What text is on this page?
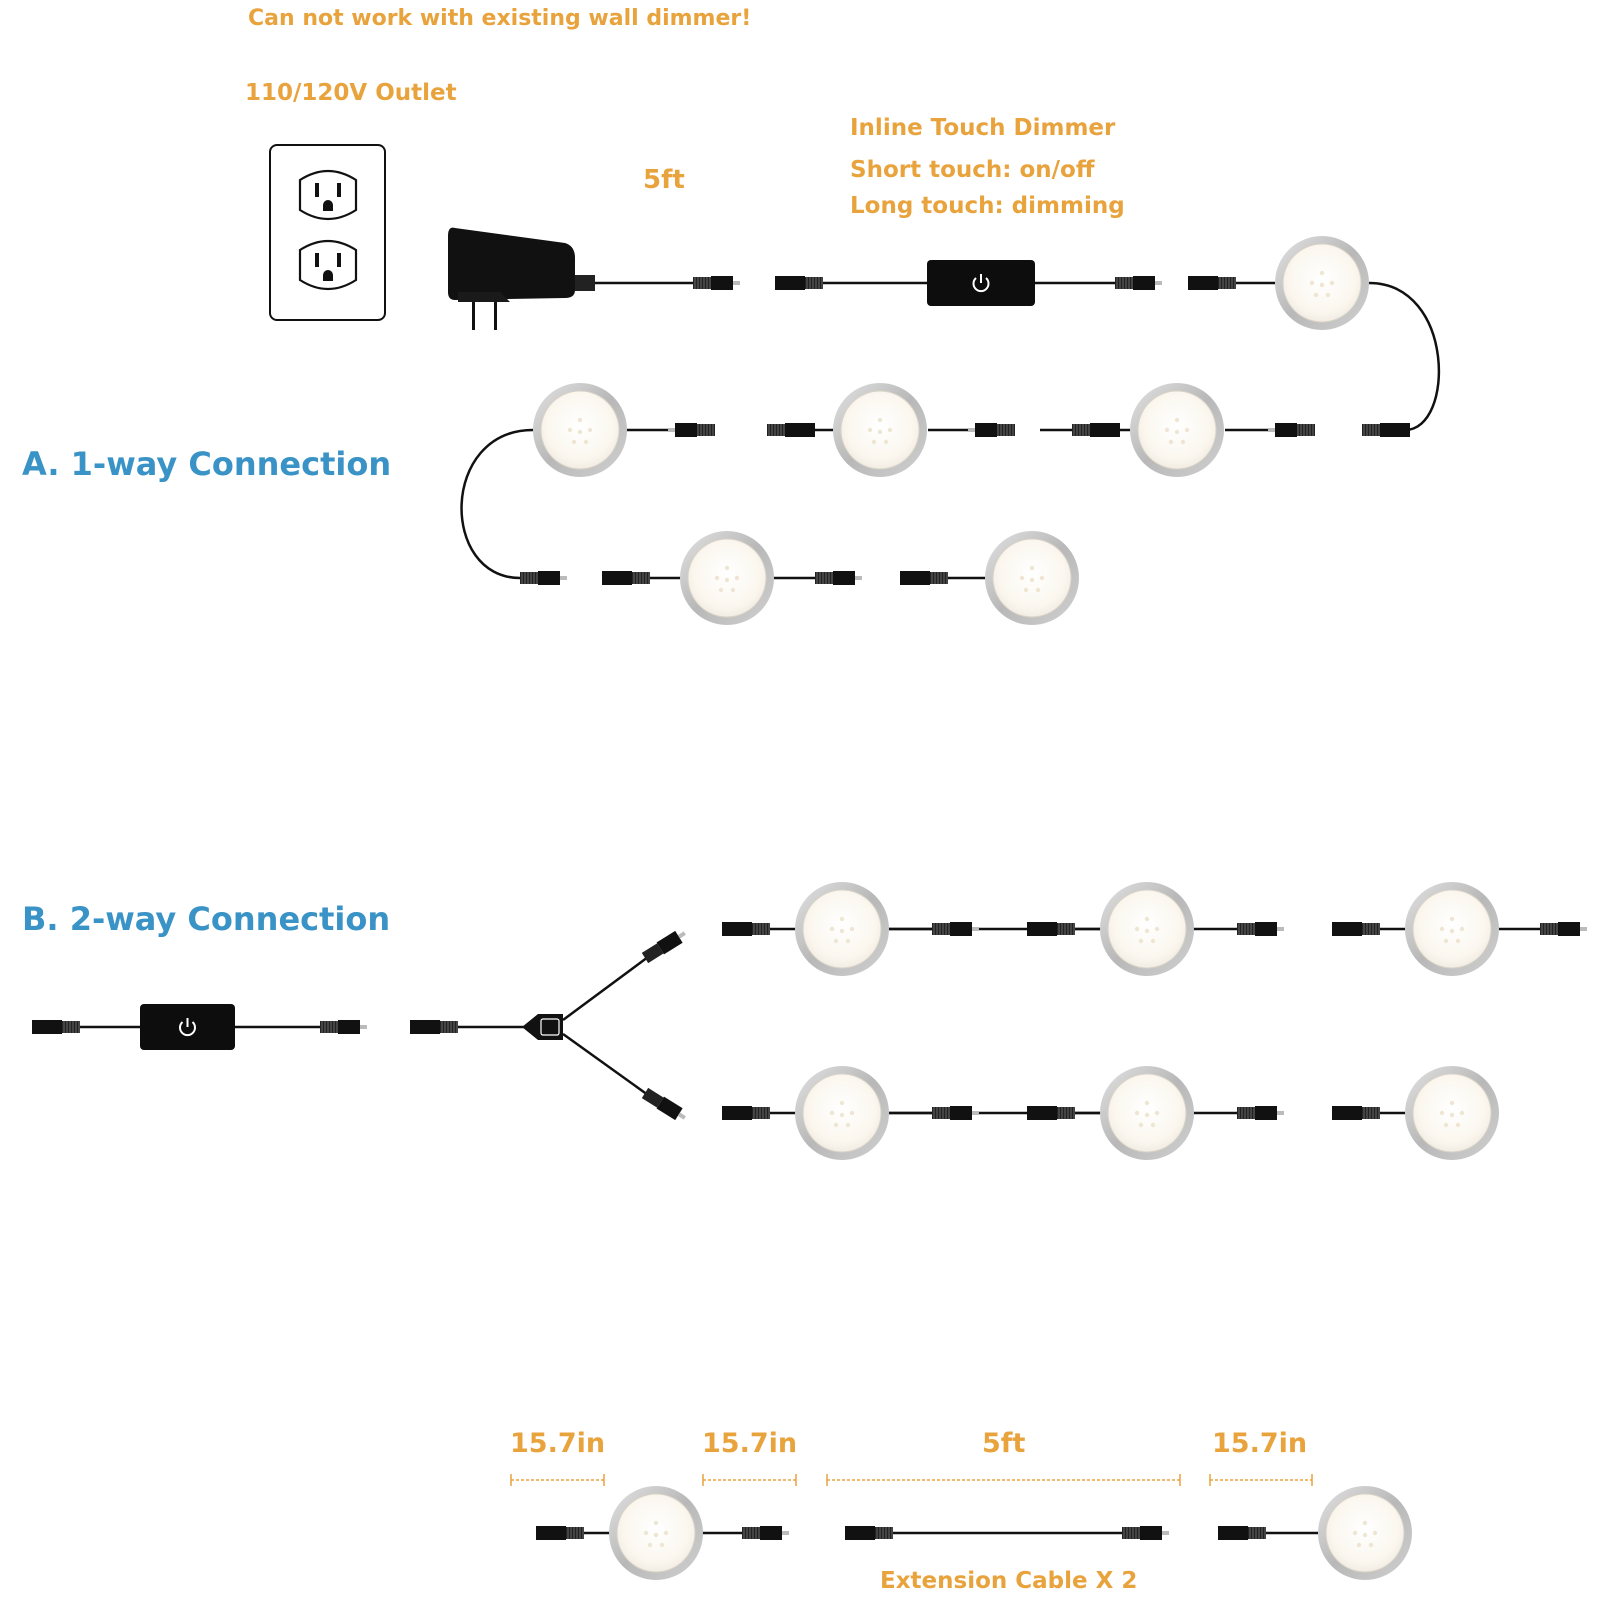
Can not work with existing wall dimmer!
110/120V Outlet
5ft
Inline Touch Dimmer
Short touch: on/off
Long touch: dimming
A. 1-way Connection
B. 2-way Connection
15.7in	15.7in	5ft	15.7in
Extension Cable X 2
